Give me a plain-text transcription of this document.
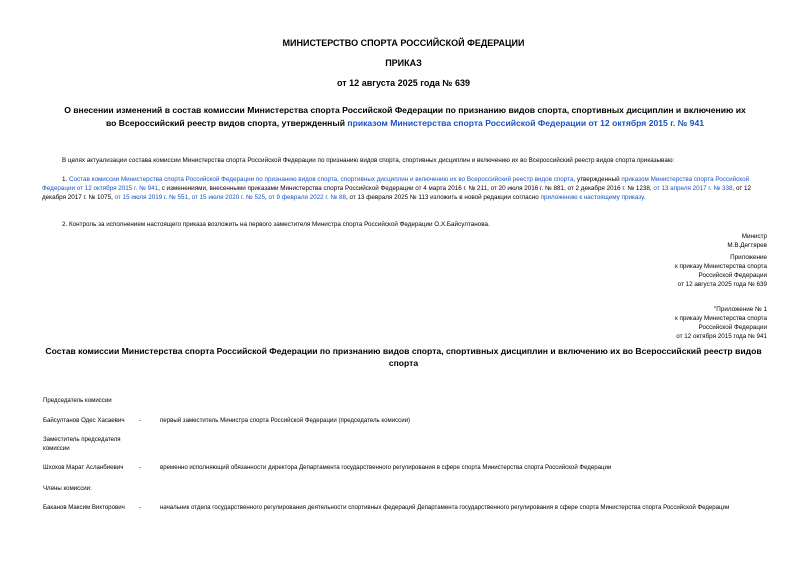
МИНИСТЕРСТВО СПОРТА РОССИЙСКОЙ ФЕДЕРАЦИИ
ПРИКАЗ
от 12 августа 2025 года № 639
О внесении изменений в состав комиссии Министерства спорта Российской Федерации по признанию видов спорта, спортивных дисциплин и включению их во Всероссийский реестр видов спорта, утвержденный приказом Министерства спорта Российской Федерации от 12 октября 2015 г. № 941
В целях актуализации состава комиссии Министерства спорта Российской Федерации по признанию видов спорта, спортивных дисциплин и включению их во Всероссийский реестр видов спорта приказываю:
1. Состав комиссии Министерства спорта Российской Федерации по признанию видов спорта, спортивных дисциплин и включению их во Всероссийский реестр видов спорта, утвержденный приказом Министерства спорта Российской Федерации от 12 октября 2015 г. № 941, с изменениями, внесенными приказами Министерства спорта Российской Федерации от 4 марта 2016 г. № 211, от 20 июля 2016 г. № 881, от 2 декабря 2016 г. № 1238, от 13 апреля 2017 г. № 338, от 12 декабря 2017 г. № 1075, от 15 июля 2019 г. № 551, от 15 июля 2020 г. № 525, от 9 февраля 2022 г. № 88, от 13 февраля 2025 № 113 изложить в новой редакции согласно приложению к настоящему приказу.
2. Контроль за исполнением настоящего приказа возложить на первого заместителя Министра спорта Российской Федерации О.Х.Байсултанова.
Министр
М.В.Дегтярев
Приложение
к приказу Министерства спорта
Российской Федерации
от 12 августа 2025 года № 639
"Приложение № 1
к приказу Министерства спорта
Российской Федерации
от 12 октября 2015 года № 941
Состав комиссии Министерства спорта Российской Федерации по признанию видов спорта, спортивных дисциплин и включению их во Всероссийский реестр видов спорта
Председатель комиссии
Байсултанов Одес Хасаевич	-	первый заместитель Министра спорта Российской Федерации (председатель комиссии)
Заместитель председателя комиссии
Шхохов Марат Асланбиевич	-	временно исполняющий обязанности директора Департамента государственного регулирования в сфере спорта Министерства спорта Российской Федерации
Члены комиссии:
Баканов Максим Викторович	-	начальник отдела государственного регулирования деятельности спортивных федераций Департамента государственного регулирования в сфере спорта Министерства спорта Российской Федерации
